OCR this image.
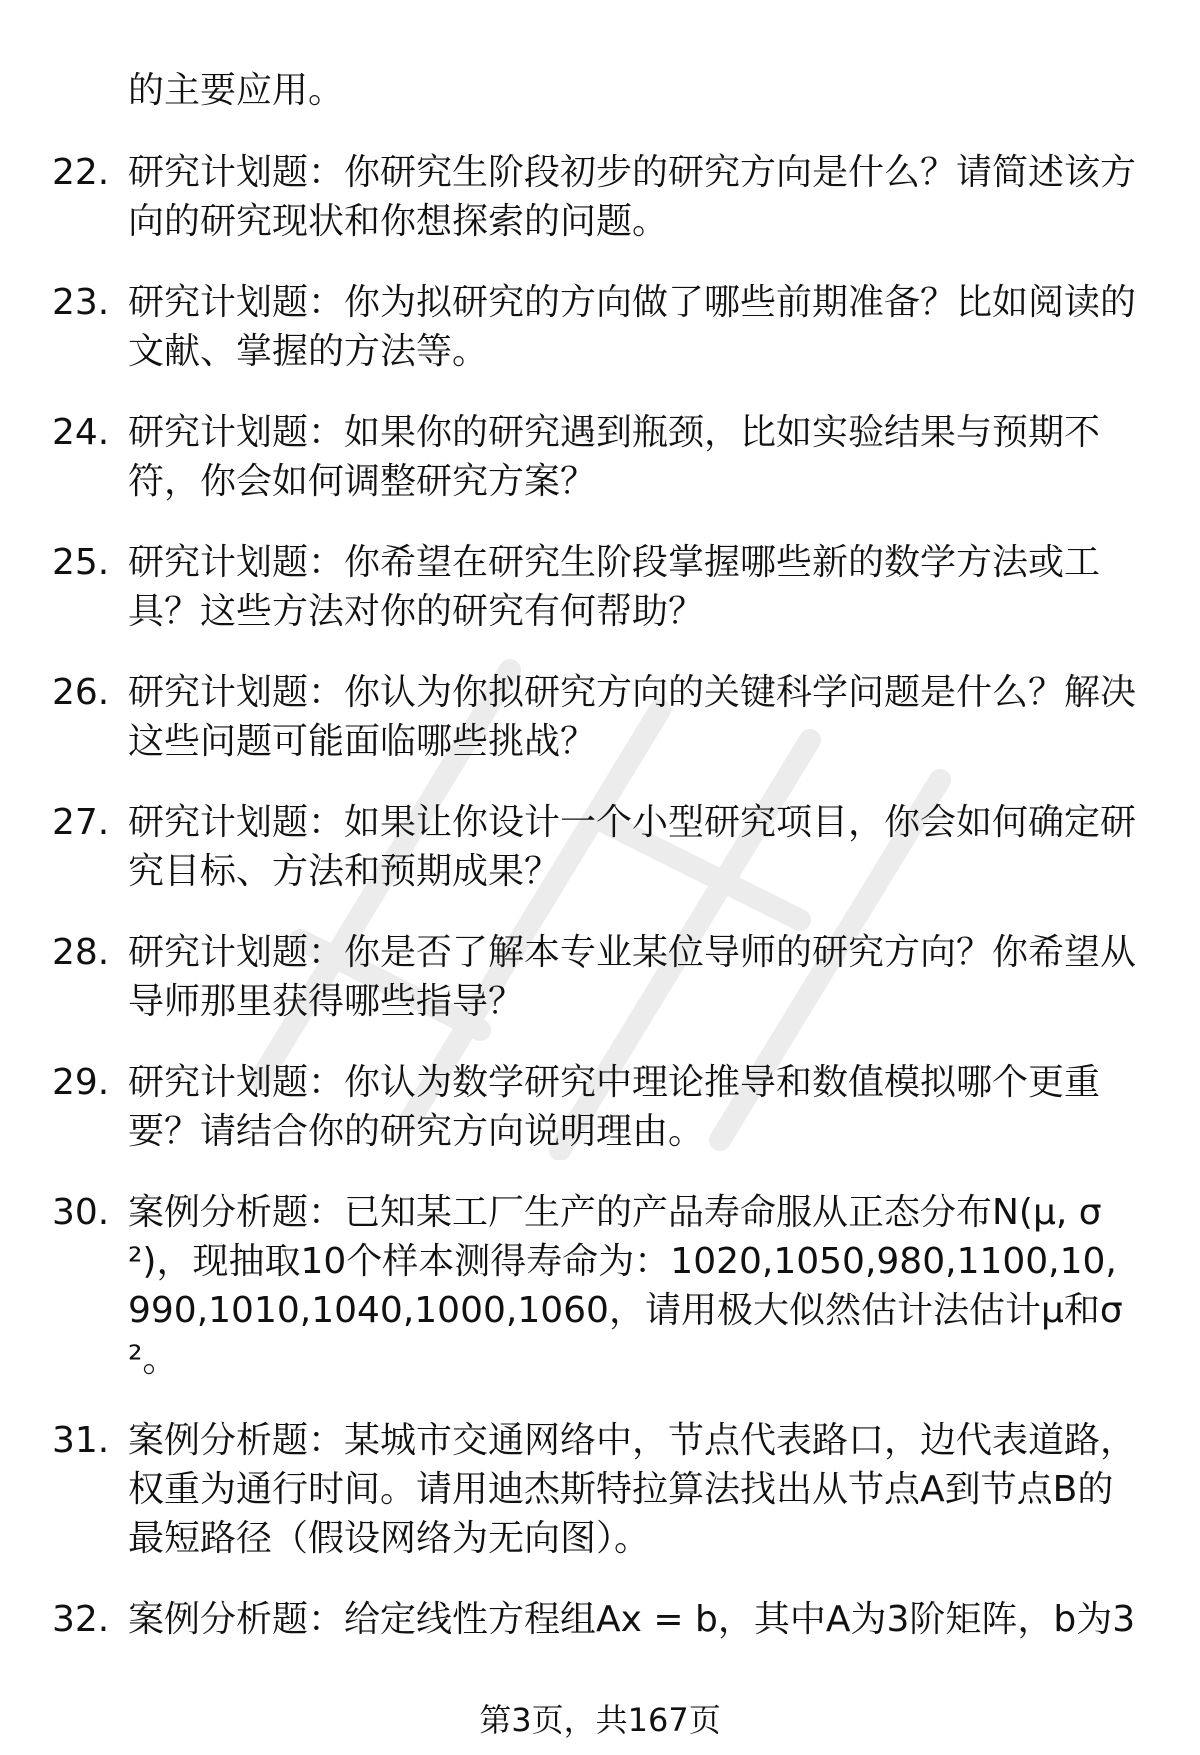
的主要应用。
22. 研究计划题：你研究生阶段初步的研究方向是什么？请简述该方向的研究现状和你想探索的问题。
23. 研究计划题：你为拟研究的方向做了哪些前期准备？比如阅读的文献、掌握的方法等。
24. 研究计划题：如果你的研究遇到瓶颈，比如实验结果与预期不符，你会如何调整研究方案？
25. 研究计划题：你希望在研究生阶段掌握哪些新的数学方法或工具？这些方法对你的研究有何帮助？
26. 研究计划题：你认为你拟研究方向的关键科学问题是什么？解决这些问题可能面临哪些挑战？
27. 研究计划题：如果让你设计一个小型研究项目，你会如何确定研究目标、方法和预期成果？
28. 研究计划题：你是否了解本专业某位导师的研究方向？你希望从导师那里获得哪些指导？
29. 研究计划题：你认为数学研究中理论推导和数值模拟哪个更重要？请结合你的研究方向说明理由。
30. 案例分析题：已知某工厂生产的产品寿命服从正态分布N(μ, σ²)，现抽取10个样本测得寿命为：1020,1050,980,1100,10,990,1010,1040,1000,1060，请用极大似然估计法估计μ和σ²。
31. 案例分析题：某城市交通网络中，节点代表路口，边代表道路，权重为通行时间。请用迪杰斯特拉算法找出从节点A到节点B的最短路径（假设网络为无向图）。
32. 案例分析题：给定线性方程组Ax = b，其中A为3阶矩阵，b为3
第3页，共167页
